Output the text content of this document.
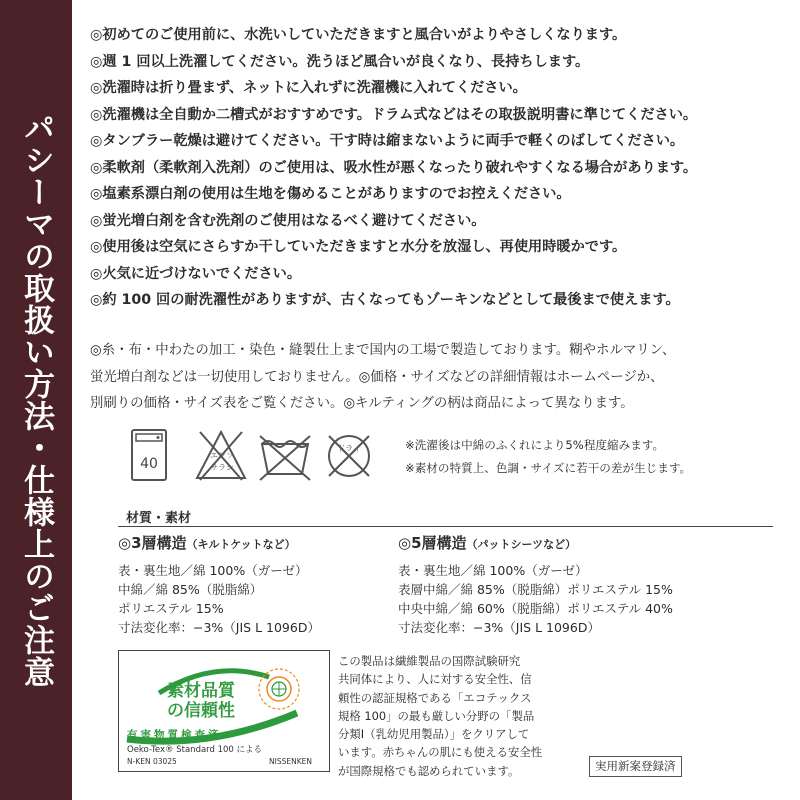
パシーマの取扱い方法・仕様上のご注意
◎初めてのご使用前に、水洗いしていただきますと風合いがよりやさしくなります。
◎週 1 回以上洗濯してください。洗うほど風合いが良くなり、長持ちします。
◎洗濯時は折り畳まず、ネットに入れずに洗濯機に入れてください。
◎洗濯機は全自動か二槽式がおすすめです。ドラム式などはその取扱説明書に準じてください。
◎タンブラー乾燥は避けてください。干す時は縮まないように両手で軽くのばしてください。
◎柔軟剤（柔軟剤入洗剤）のご使用は、吸水性が悪くなったり破れやすくなる場合があります。
◎塩素系漂白剤の使用は生地を傷めることがありますのでお控えください。
◎蛍光増白剤を含む洗剤のご使用はなるべく避けてください。
◎使用後は空気にさらすか干していただきますと水分を放湿し、再使用時暖かです。
◎火気に近づけないでください。
◎約 100 回の耐洗濯性がありますが、古くなってもゾーキンなどとして最後まで使えます。

◎糸・布・中わたの加工・染色・縫製仕上まで国内の工場で製造しております。糊やホルマリン、

蛍光増白剤などは一切使用しておりません。◎価格・サイズなどの詳細情報はホームページか、

別刷りの価格・サイズ表をご覧ください。◎キルティングの柄は商品によって異なります。

40
エンソ
サラシ
ドライ	※洗濯後は中綿のふくれにより5%程度縮みます。
※素材の特質上、色調・サイズに若干の差が生じます。
材質・素材
◎3層構造（キルトケットなど）
表・裏生地／綿 100%（ガーゼ）
中綿／綿 85%（脱脂綿）
ポリエステル 15%
寸法変化率：−3%（JIS L 1096D）
◎5層構造（パットシーツなど）
表・裏生地／綿 100%（ガーゼ）
表層中綿／綿 85%（脱脂綿）ポリエステル 15%
中央中綿／綿 60%（脱脂綿）ポリエステル 40%
寸法変化率：−3%（JIS L 1096D）
素材品質
の信頼性
有害物質検査済
Oeko-Tex® Standard 100 による
N-KEN 03025	NISSENKEN
この製品は繊維製品の国際試験研究
共同体により、人に対する安全性、信
頼性の認証規格である「エコテックス
規格 100」の最も厳しい分野の「製品
分類Ⅰ（乳幼児用製品）」をクリアして
います。赤ちゃんの肌にも使える安全性
が国際規格でも認められています。	実用新案登録済
